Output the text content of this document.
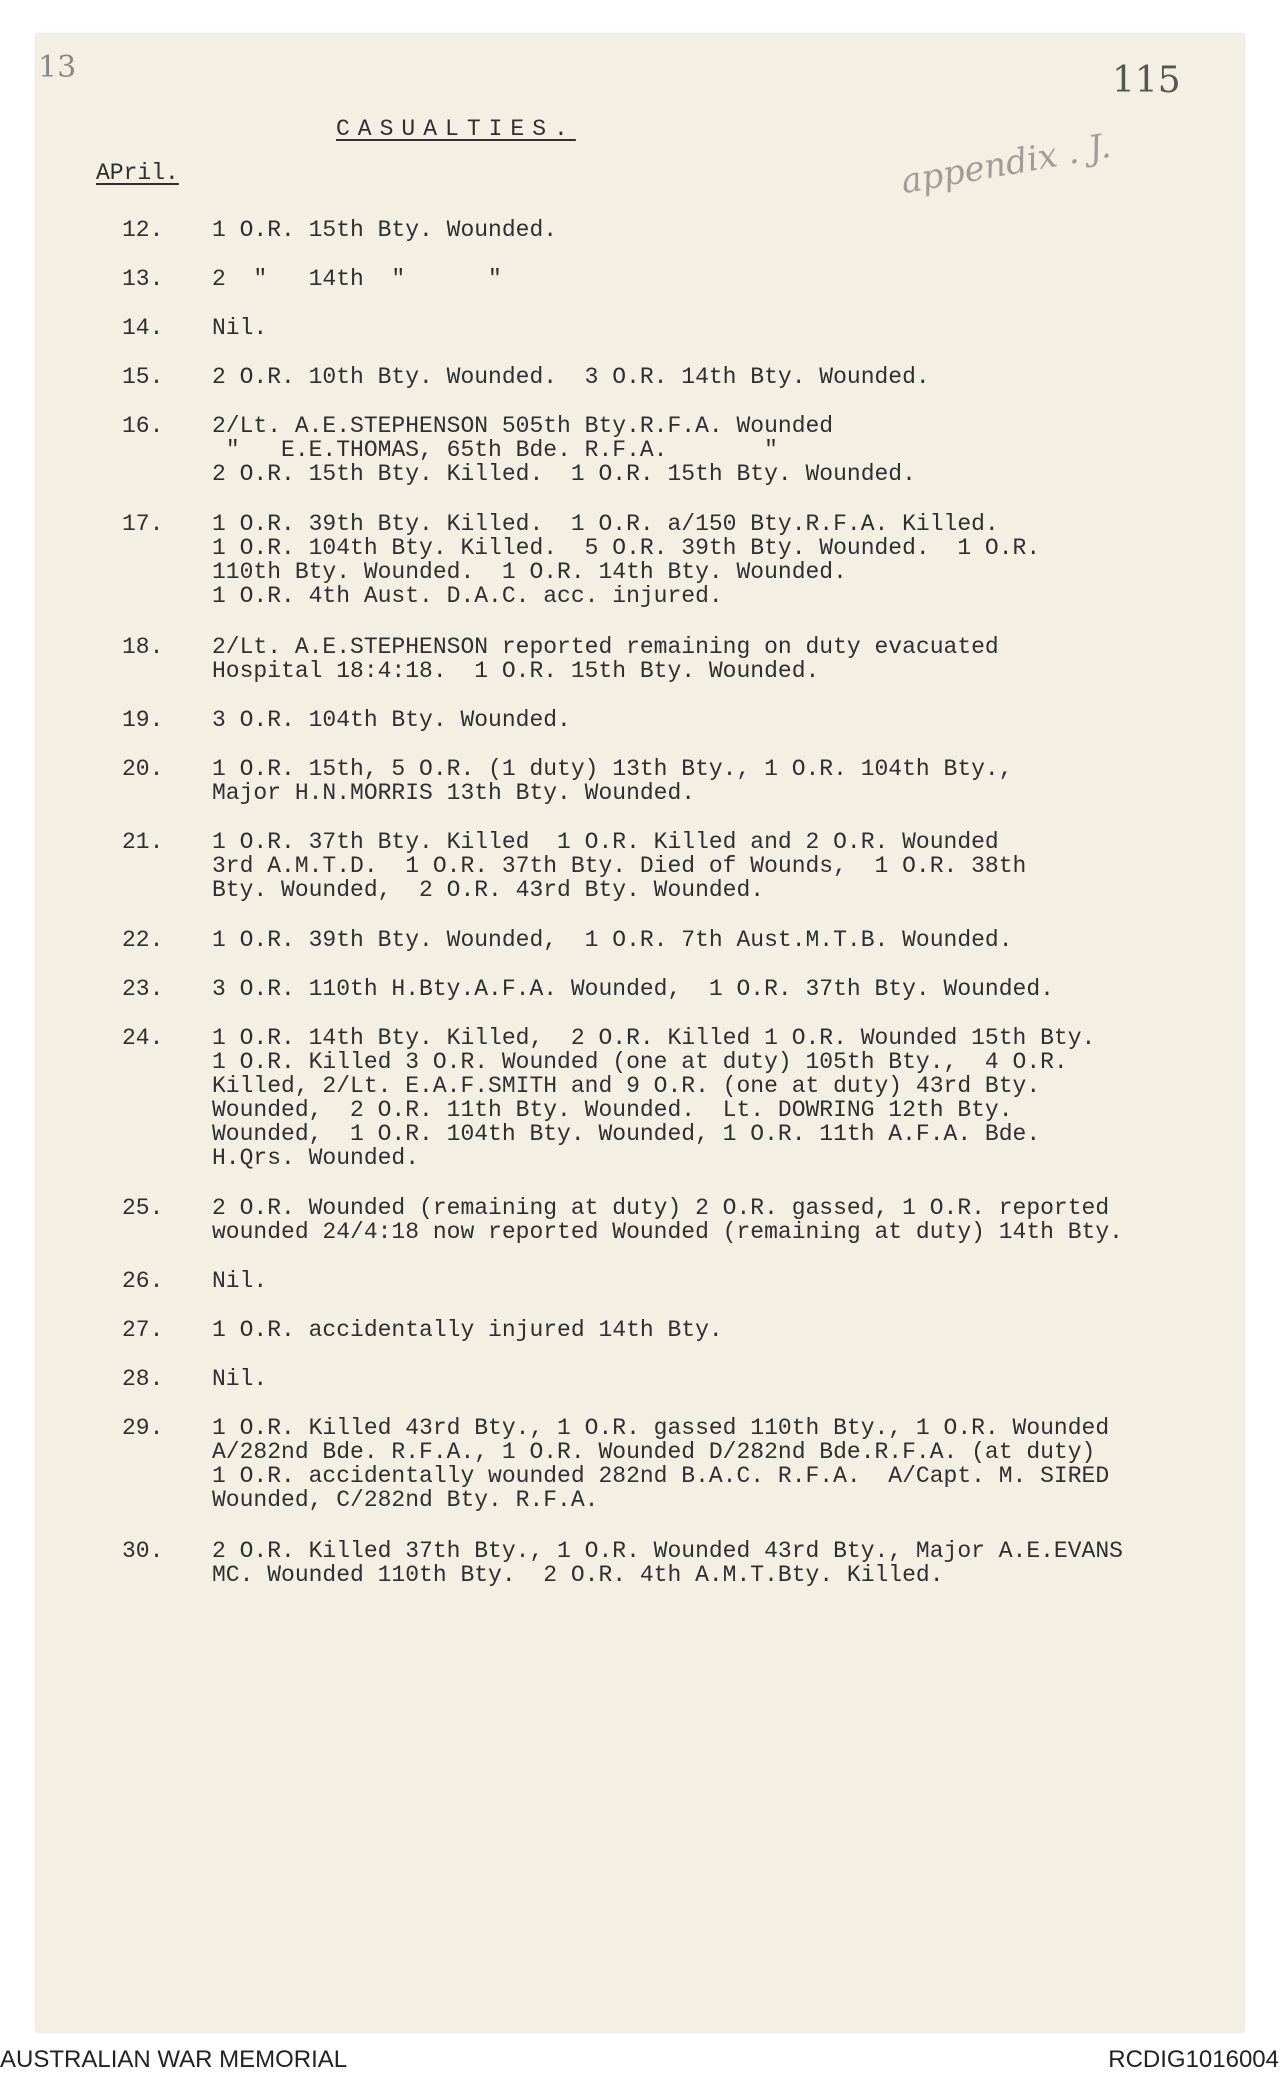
13	115
appendix . J.
CASUALTIES.
APril.
12. 1 O.R. 15th Bty. Wounded.
13. 2  "   14th  "      "
14. Nil.
15. 2 O.R. 10th Bty. Wounded.  3 O.R. 14th Bty. Wounded.
16. 2/Lt. A.E.STEPHENSON 505th Bty.R.F.A. Wounded
"   E.E.THOMAS, 65th Bde. R.F.A.       "
2 O.R. 15th Bty. Killed.  1 O.R. 15th Bty. Wounded.
17. 1 O.R. 39th Bty. Killed.  1 O.R. a/150 Bty.R.F.A. Killed.
1 O.R. 104th Bty. Killed.  5 O.R. 39th Bty. Wounded.  1 O.R.
110th Bty. Wounded.  1 O.R. 14th Bty. Wounded.
1 O.R. 4th Aust. D.A.C. acc. injured.
18. 2/Lt. A.E.STEPHENSON reported remaining on duty evacuated
Hospital 18:4:18.  1 O.R. 15th Bty. Wounded.
19. 3 O.R. 104th Bty. Wounded.
20. 1 O.R. 15th, 5 O.R. (1 duty) 13th Bty., 1 O.R. 104th Bty.,
Major H.N.MORRIS 13th Bty. Wounded.
21. 1 O.R. 37th Bty. Killed  1 O.R. Killed and 2 O.R. Wounded
3rd A.M.T.D.  1 O.R. 37th Bty. Died of Wounds,  1 O.R. 38th
Bty. Wounded,  2 O.R. 43rd Bty. Wounded.
22. 1 O.R. 39th Bty. Wounded,  1 O.R. 7th Aust.M.T.B. Wounded.
23. 3 O.R. 110th H.Bty.A.F.A. Wounded,  1 O.R. 37th Bty. Wounded.
24. 1 O.R. 14th Bty. Killed,  2 O.R. Killed 1 O.R. Wounded 15th Bty.
1 O.R. Killed 3 O.R. Wounded (one at duty) 105th Bty.,  4 O.R.
Killed, 2/Lt. E.A.F.SMITH and 9 O.R. (one at duty) 43rd Bty.
Wounded,  2 O.R. 11th Bty. Wounded.  Lt. DOWRING 12th Bty.
Wounded,  1 O.R. 104th Bty. Wounded, 1 O.R. 11th A.F.A. Bde.
H.Qrs. Wounded.
25. 2 O.R. Wounded (remaining at duty) 2 O.R. gassed, 1 O.R. reported
wounded 24/4:18 now reported Wounded (remaining at duty) 14th Bty.
26. Nil.
27. 1 O.R. accidentally injured 14th Bty.
28. Nil.
29. 1 O.R. Killed 43rd Bty., 1 O.R. gassed 110th Bty., 1 O.R. Wounded
A/282nd Bde. R.F.A., 1 O.R. Wounded D/282nd Bde.R.F.A. (at duty)
1 O.R. accidentally wounded 282nd B.A.C. R.F.A.  A/Capt. M. SIRED
Wounded, C/282nd Bty. R.F.A.
30. 2 O.R. Killed 37th Bty., 1 O.R. Wounded 43rd Bty., Major A.E.EVANS
MC. Wounded 110th Bty.  2 O.R. 4th A.M.T.Bty. Killed.
AUSTRALIAN WAR MEMORIAL	RCDIG1016004
